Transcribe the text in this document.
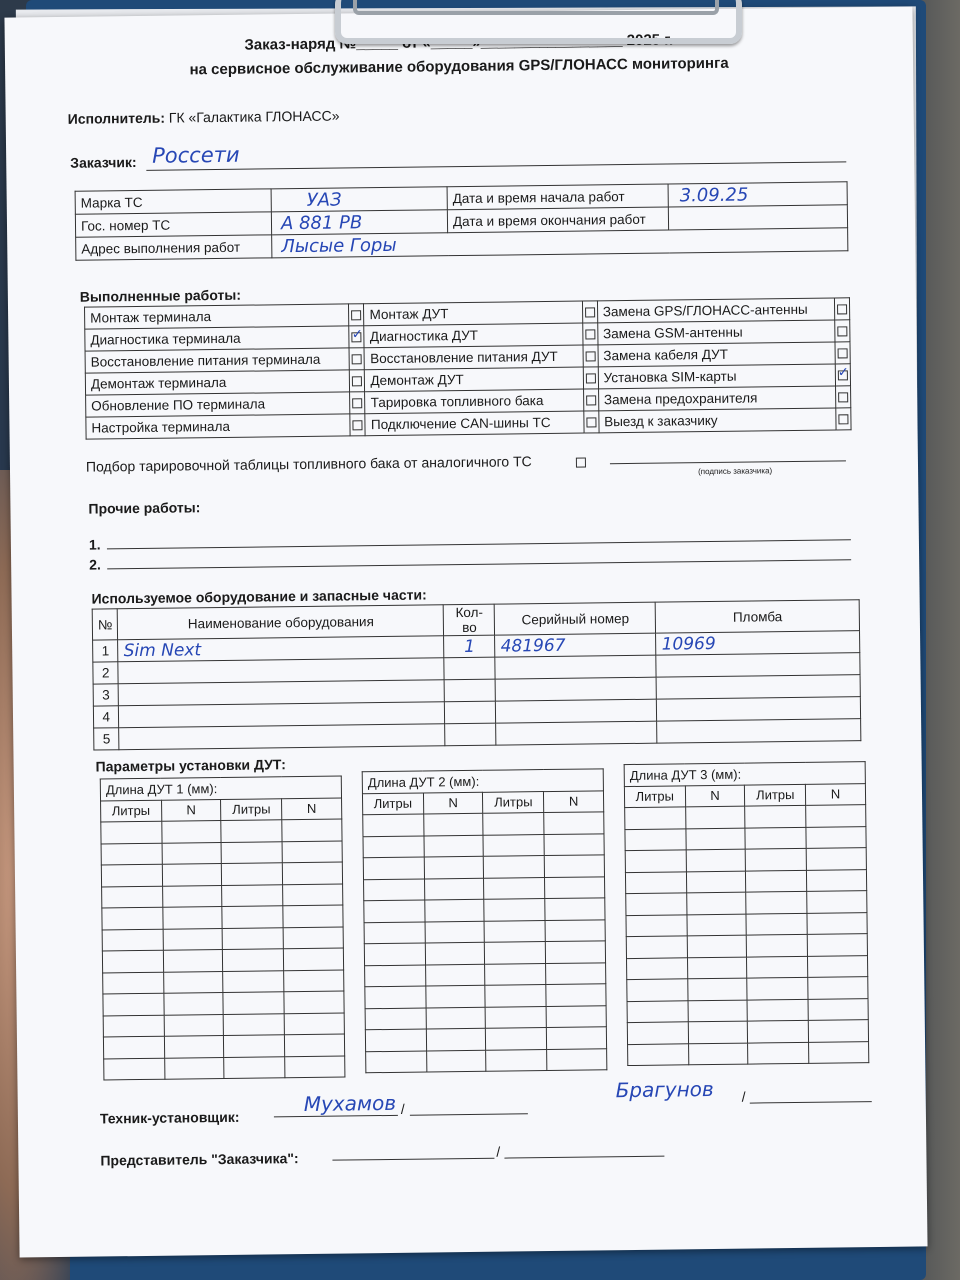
Заказ-наряд №_____ от «_____»_________________ 2025 г.
на сервисное обслуживание оборудования GPS/ГЛОНАСС мониторинга
Исполнитель: ГК «Галактика ГЛОНАСС»
Заказчик: Россети
Марка ТС	УАЗ	Дата и время начала работ	3.09.25
Гос. номер ТС	А 881 РВ	Дата и время окончания работ	
Адрес выполнения работ	Лысые Горы		
Выполненные работы:
Монтаж терминала		Монтаж ДУТ		Замена GPS/ГЛОНАСС-антенны	
Диагностика терминала	✓	Диагностика ДУТ		Замена GSM-антенны	
Восстановление питания терминала		Восстановление питания ДУТ		Замена кабеля ДУТ	
Демонтаж терминала		Демонтаж ДУТ		Установка SIM-карты	✓

Обновление ПО терминала		Тарировка топливного бака		Замена предохранителя	
Настройка терминала		Подключение CAN-шины ТС		Выезд к заказчику	
Подбор тарировочной таблицы топливного бака от аналогичного ТС	(подпись заказчика)
Прочие работы:
1.
2.
Используемое оборудование и запасные части:
№	Наименование оборудования	Кол-во	Серийный номер	Пломба
1	Sim Next	1	481967	10969
2				
3				
4				
5				
Параметры установки ДУТ:
Длина ДУТ 1 (мм):			
Литры	N	Литры	N

Длина ДУТ 2 (мм):			
Литры	N	Литры	N

Длина ДУТ 3 (мм):			
Литры	N	Литры	N

Техник-установщик:	/
Мухамов
Брагунов /
Представитель "Заказчика":	/
